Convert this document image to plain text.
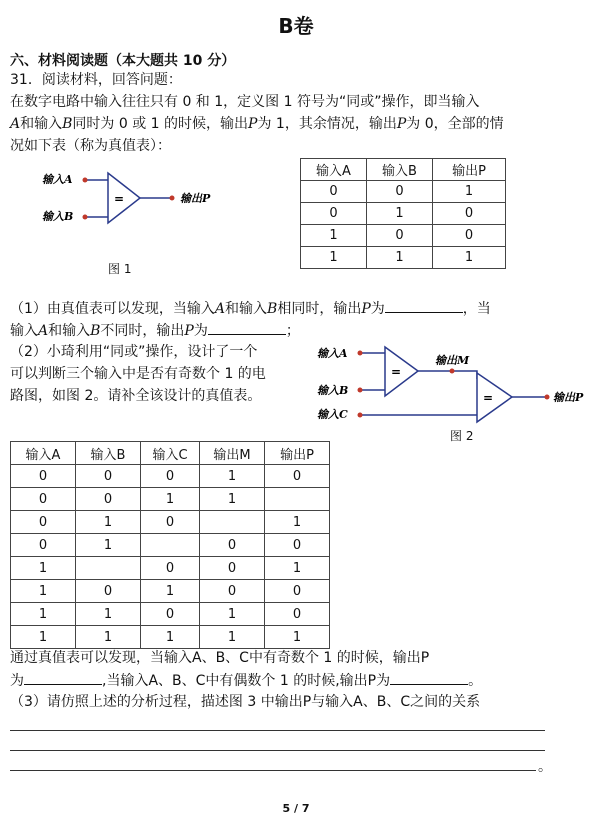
B卷
六、材料阅读题（本大题共 10 分）
31．阅读材料，回答问题：
在数字电路中输入往往只有 0 和 1，定义图 1 符号为“同或”操作，即当输入
A和输入B同时为 0 或 1 的时候，输出P为 1，其余情况，输出P为 0，全部的情
况如下表（称为真值表）：
输入A
输入B
=	输出P
图 1
输入A	输入B	输出P
0	0	1
0	1	0
1	0	0
1	1	1
（1）由真值表可以发现，当输入A和输入B相同时，输出P为	，当
输入A和输入B不同时，输出P为	；
（2）小琦利用“同或”操作，设计了一个
可以判断三个输入中是否有奇数个 1 的电
路图，如图 2。请补全该设计的真值表。
输入A
输入B
输入C
=
输出M
=	输出P
图 2
输入A	输入B	输入C	输出M	输出P
0	0	0	1	0
0	0	1	1	
0	1	0		1
0	1		0	0
1		0	0	1
1	0	1	0	0
1	1	0	1	0
1	1	1	1	1
通过真值表可以发现，当输入A、B、C中有奇数个 1 的时候，输出P
为	,当输入A、B、C中有偶数个 1 的时候,输出P为	。
（3）请仿照上述的分析过程，描述图 3 中输出P与输入A、B、C之间的关系
。
5 / 7
